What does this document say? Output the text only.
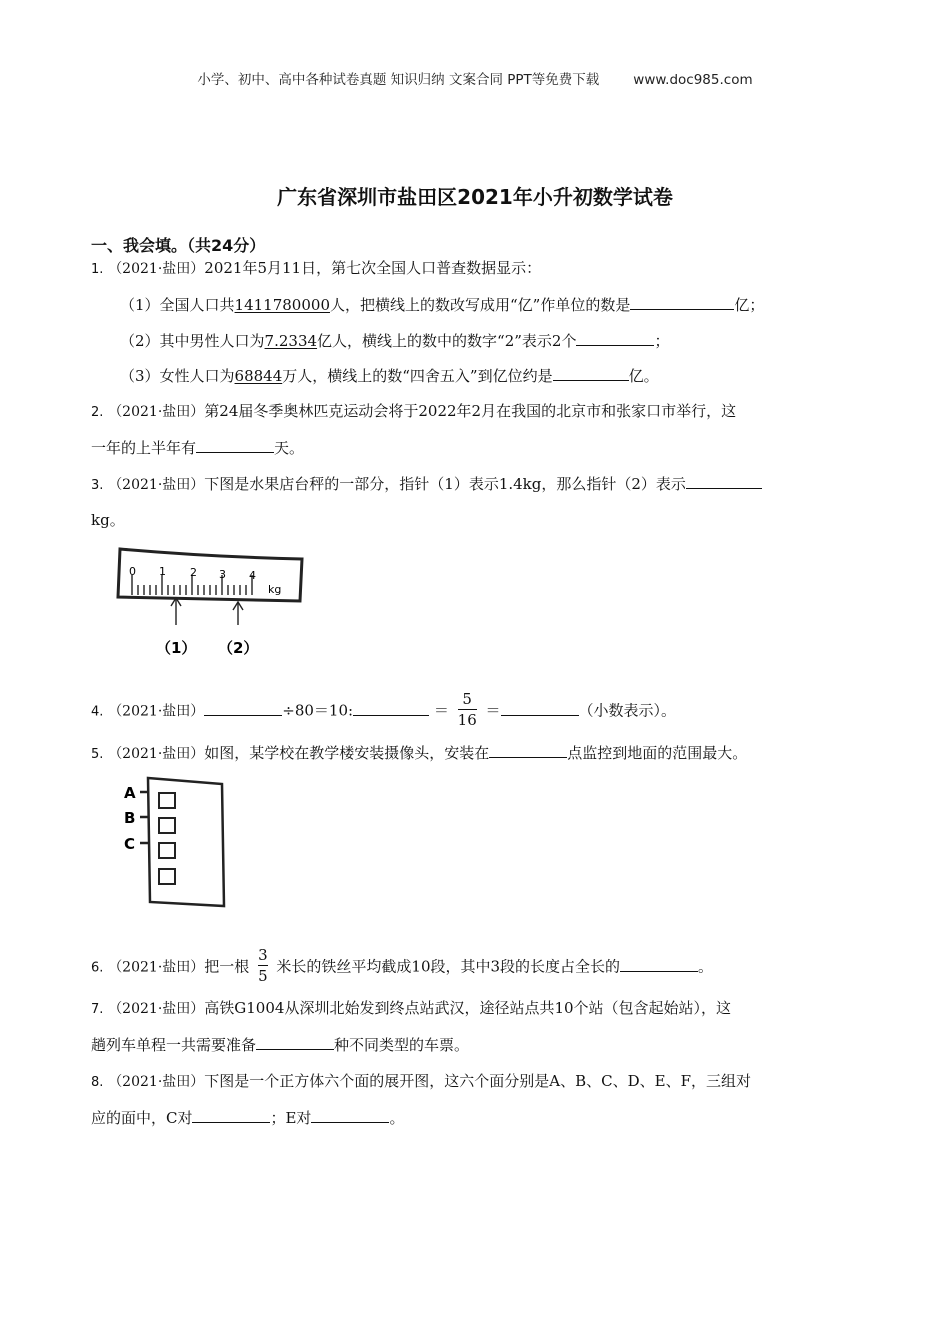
小学、初中、高中各种试卷真题 知识归纳 文案合同 PPT等免费下载	www.doc985.com
广东省深圳市盐田区2021年小升初数学试卷
一、我会填。（共24分）
1. （2021·盐田）2021年5月11日，第七次全国人口普查数据显示：
（1）全国人口共1411780000人，把横线上的数改写成用“亿”作单位的数是	亿；
（2）其中男性人口为7.2334亿人，横线上的数中的数字“2”表示2个	；
（3）女性人口为68844万人，横线上的数“四舍五入”到亿位约是	亿。
2. （2021·盐田）第24届冬季奥林匹克运动会将于2022年2月在我国的北京市和张家口市举行，这
一年的上半年有	天。
3. （2021·盐田）下图是水果店台秤的一部分，指针（1）表示1.4kg，那么指针（2）表示
kg。
0 1 2 3 4
kg
（1） （2）
4. （2021·盐田）	÷80＝10:	＝ $\frac{5}{16}$ ＝	（小数表示）。
5. （2021·盐田）如图，某学校在教学楼安装摄像头，安装在	点监控到地面的范围最大。
A
B
C
6. （2021·盐田）把一根 $\frac{3}{5}$ 米长的铁丝平均截成10段，其中3段的长度占全长的	。
7. （2021·盐田）高铁G1004从深圳北始发到终点站武汉，途径站点共10个站（包含起始站），这
趟列车单程一共需要准备	种不同类型的车票。
8. （2021·盐田）下图是一个正方体六个面的展开图，这六个面分别是A、B、C、D、E、F，三组对
应的面中，C对	；E对	。
